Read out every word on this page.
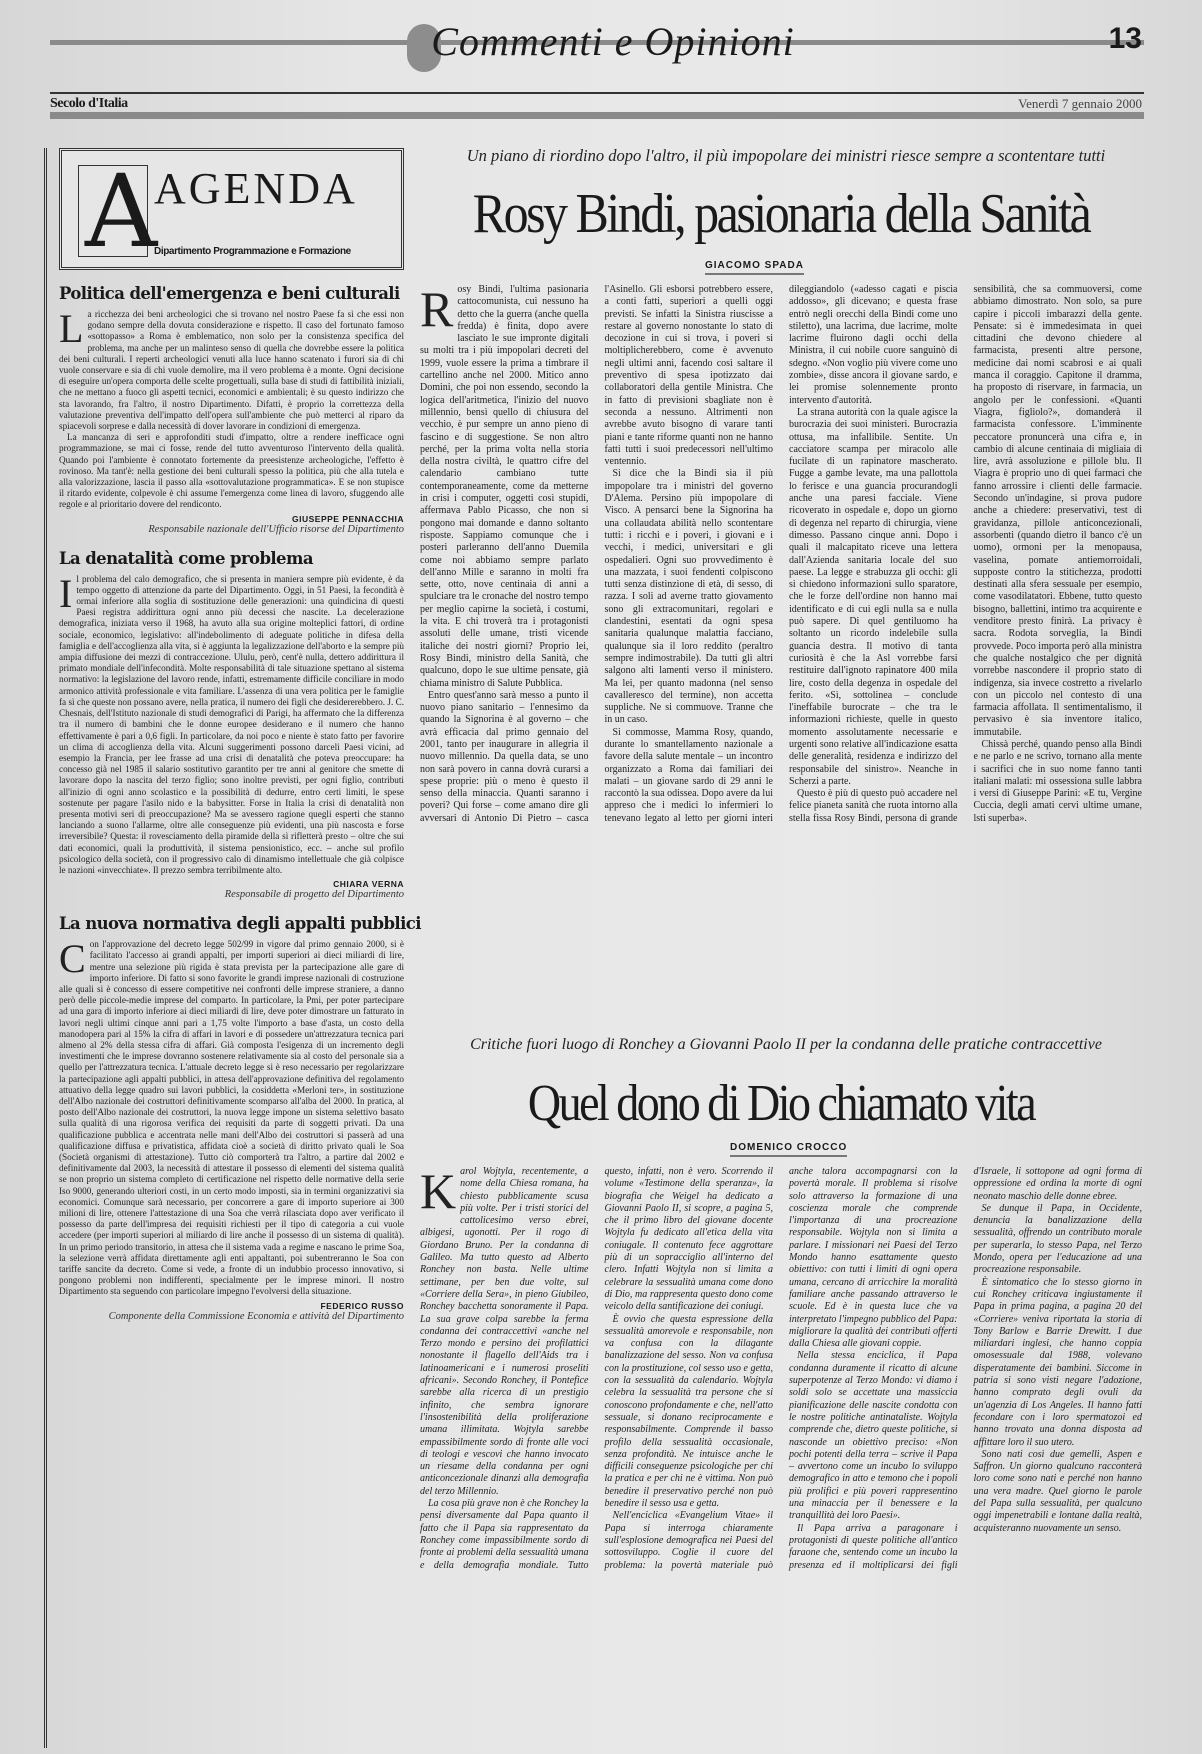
Commenti e Opinioni	13
Secolo d'Italia	Venerdì 7 gennaio 2000
A
AGENDA
Dipartimento Programmazione e Formazione
Politica dell'emergenza e beni culturali
L a ricchezza dei beni archeologici che si trovano nel nostro Paese fa sì che essi non godano sempre della dovuta considerazione e rispetto. Il caso del fortunato famoso «sottopasso» a Roma è emblematico, non solo per la consistenza specifica del problema, ma anche per un malinteso senso di quella che dovrebbe essere la politica dei beni culturali. I reperti archeologici venuti alla luce hanno scatenato i furori sia di chi vuole conservare e sia di chi vuole demolire, ma il vero problema è a monte. Ogni decisione di eseguire un'opera comporta delle scelte progettuali, sulla base di studi di fattibilità iniziali, che ne mettano a fuoco gli aspetti tecnici, economici e ambientali; è su questo indirizzo che sta lavorando, fra l'altro, il nostro Dipartimento. Difatti, è proprio la correttezza della valutazione preventiva dell'impatto dell'opera sull'ambiente che può metterci al riparo da spiacevoli sorprese e dalla necessità di dover lavorare in condizioni di emergenza.

La mancanza di seri e approfonditi studi d'impatto, oltre a rendere inefficace ogni programmazione, se mai ci fosse, rende del tutto avventuroso l'intervento della qualità. Quando poi l'ambiente è connotato fortemente da preesistenze archeologiche, l'effetto è rovinoso. Ma tant'è: nella gestione dei beni culturali spesso la politica, più che alla tutela e alla valorizzazione, lascia il passo alla «sottovalutazione programmatica». E se non stupisce il ritardo evidente, colpevole è chi assume l'emergenza come linea di lavoro, sfuggendo alle regole e al prioritario dovere del rendiconto.

GIUSEPPE PENNACCHIA
Responsabile nazionale dell'Ufficio risorse del Dipartimento
La denatalità come problema
I l problema del calo demografico, che si presenta in maniera sempre più evidente, è da tempo oggetto di attenzione da parte del Dipartimento. Oggi, in 51 Paesi, la fecondità è ormai inferiore alla soglia di sostituzione delle generazioni: una quindicina di questi Paesi registra addirittura ogni anno più decessi che nascite. La decelerazione demografica, iniziata verso il 1968, ha avuto alla sua origine molteplici fattori, di ordine sociale, economico, legislativo: all'indebolimento di adeguate politiche in difesa della famiglia e dell'accoglienza alla vita, si è aggiunta la legalizzazione dell'aborto e la sempre più ampia diffusione dei mezzi di contraccezione. Ululu, però, cent'è nulla, dettero addirittura il primato mondiale dell'infecondità. Molte responsabilità di tale situazione spettano al sistema normativo: la legislazione del lavoro rende, infatti, estremamente difficile conciliare in modo armonico attività professionale e vita familiare. L'assenza di una vera politica per le famiglie fa sì che queste non possano avere, nella pratica, il numero dei figli che desidererebbero. J. C. Chesnais, dell'Istituto nazionale di studi demografici di Parigi, ha affermato che la differenza tra il numero di bambini che le donne europee desiderano e il numero che hanno effettivamente è pari a 0,6 figli. In particolare, da noi poco e niente è stato fatto per favorire un clima di accoglienza della vita. Alcuni suggerimenti possono darceli Paesi vicini, ad esempio la Francia, per lee frasse ad una crisi di denatalità che poteva preoccupare: ha concesso già nel 1985 il salario sostitutivo garantito per tre anni al genitore che smette di lavorare dopo la nascita del terzo figlio; sono inoltre previsti, per ogni figlio, contributi all'inizio di ogni anno scolastico e la possibilità di dedurre, entro certi limiti, le spese sostenute per pagare l'asilo nido e la babysitter. Forse in Italia la crisi di denatalità non presenta motivi seri di preoccupazione? Ma se avessero ragione quegli esperti che stanno lanciando a suono l'allarme, oltre alle conseguenze più evidenti, una più nascosta e forse irreversibile? Questa: il rovesciamento della piramide della sì rifletterà presto – oltre che sui dati economici, quali la produttività, il sistema pensionistico, ecc. – anche sul profilo psicologico della società, con il progressivo calo di dinamismo intellettuale che già colpisce le nazioni «invecchiate». Il prezzo sembra terribilmente alto.

CHIARA VERNA
Responsabile di progetto del Dipartimento
La nuova normativa degli appalti pubblici
C on l'approvazione del decreto legge 502/99 in vigore dal primo gennaio 2000, si è facilitato l'accesso ai grandi appalti, per importi superiori ai dieci miliardi di lire, mentre una selezione più rigida è stata prevista per la partecipazione alle gare di importo inferiore. Di fatto si sono favorite le grandi imprese nazionali di costruzione alle quali si è concesso di essere competitive nei confronti delle imprese straniere, a danno però delle piccole-medie imprese del comparto. In particolare, la Pmi, per poter partecipare ad una gara di importo inferiore ai dieci miliardi di lire, deve poter dimostrare un fatturato in lavori negli ultimi cinque anni pari a 1,75 volte l'importo a base d'asta, un costo della manodopera pari al 15% la cifra di affari in lavori e di possedere un'attrezzatura tecnica pari almeno al 2% della stessa cifra di affari. Già composta l'esigenza di un incremento degli investimenti che le imprese dovranno sostenere relativamente sia al costo del personale sia a quello per l'attrezzatura tecnica. L'attuale decreto legge si è reso necessario per regolarizzare la partecipazione agli appalti pubblici, in attesa dell'approvazione definitiva del regolamento attuativo della legge quadro sui lavori pubblici, la cosiddetta «Merloni ter», in sostituzione dell'Albo nazionale dei costruttori definitivamente scomparso all'alba del 2000. In pratica, al posto dell'Albo nazionale dei costruttori, la nuova legge impone un sistema selettivo basato sulla qualità di una rigorosa verifica dei requisiti da parte di soggetti privati. Da una qualificazione pubblica e accentrata nelle mani dell'Albo dei costruttori si passerà ad una qualificazione diffusa e privatistica, affidata cioè a società di diritto privato quali le Soa (Società organismi di attestazione). Tutto ciò comporterà tra l'altro, a partire dal 2002 e definitivamente dal 2003, la necessità di attestare il possesso di elementi del sistema qualità se non proprio un sistema completo di certificazione nel rispetto delle normative della serie Iso 9000, generando ulteriori costi, in un certo modo imposti, sia in termini organizzativi sia economici. Comunque sarà necessario, per concorrere a gare di importo superiore ai 300 milioni di lire, ottenere l'attestazione di una Soa che verrà rilasciata dopo aver verificato il possesso da parte dell'impresa dei requisiti richiesti per il tipo di categoria a cui vuole accedere (per importi superiori al miliardo di lire anche il possesso di un sistema di qualità). In un primo periodo transitorio, in attesa che il sistema vada a regime e nascano le prime Soa, la selezione verrà affidata direttamente agli enti appaltanti, poi subentreranno le Soa con tariffe sancite da decreto. Come si vede, a fronte di un indubbio processo innovativo, si pongono problemi non indifferenti, specialmente per le imprese minori. Il nostro Dipartimento sta seguendo con particolare impegno l'evolversi della situazione.

FEDERICO RUSSO
Componente della Commissione Economia e attività del Dipartimento
Un piano di riordino dopo l'altro, il più impopolare dei ministri riesce sempre a scontentare tutti
Rosy Bindi, pasionaria della Sanità
GIACOMO SPADA
R osy Bindi, l'ultima pasionaria cattocomunista, cui nessuno ha detto che la guerra (anche quella fredda) è finita, dopo avere lasciato le sue impronte digitali su molti tra i più impopolari decreti del 1999, vuole essere la prima a timbrare il cartellino anche nel 2000. Mitico anno Domini, che poi non essendo, secondo la logica dell'aritmetica, l'inizio del nuovo millennio, bensì quello di chiusura del vecchio, è pur sempre un anno pieno di fascino e di suggestione. Se non altro perché, per la prima volta nella storia della nostra civiltà, le quattro cifre del calendario cambiano tutte contemporaneamente, come da metterne in crisi i computer, oggetti così stupidi, affermava Pablo Picasso, che non si pongono mai domande e danno soltanto risposte. Sappiamo comunque che i posteri parleranno dell'anno Duemila come noi abbiamo sempre parlato dell'anno Mille e saranno in molti fra sette, otto, nove centinaia di anni a spulciare tra le cronache del nostro tempo per meglio capirne la società, i costumi, la vita. E chi troverà tra i protagonisti assoluti delle umane, tristi vicende italiche dei nostri giorni? Proprio lei, Rosy Bindi, ministro della Sanità, che qualcuno, dopo le sue ultime pensate, già chiama ministro di Salute Pubblica.

Entro quest'anno sarà messo a punto il nuovo piano sanitario – l'ennesimo da quando la Signorina è al governo – che avrà efficacia dal primo gennaio del 2001, tanto per inaugurare in allegria il nuovo millennio. Da quella data, se uno non sarà povero in canna dovrà curarsi a spese proprie: più o meno è questo il senso della minaccia. Quanti saranno i poveri? Qui forse – come amano dire gli avversari di Antonio Di Pietro – casca l'Asinello. Gli esborsi potrebbero essere, a conti fatti, superiori a quelli oggi previsti. Se infatti la Sinistra riuscisse a restare al governo nonostante lo stato di decozione in cui si trova, i poveri si moltiplicherebbero, come è avvenuto negli ultimi anni, facendo così saltare il preventivo di spesa ipotizzato dai collaboratori della gentile Ministra. Che in fatto di previsioni sbagliate non è seconda a nessuno. Altrimenti non avrebbe avuto bisogno di varare tanti piani e tante riforme quanti non ne hanno fatti tutti i suoi predecessori nell'ultimo ventennio.

Si dice che la Bindi sia il più impopolare tra i ministri del governo D'Alema. Persino più impopolare di Visco. A pensarci bene la Signorina ha una collaudata abilità nello scontentare tutti: i ricchi e i poveri, i giovani e i vecchi, i medici, universitari e gli ospedalieri. Ogni suo provvedimento è una mazzata, i suoi fendenti colpiscono tutti senza distinzione di età, di sesso, di razza. I soli ad averne tratto giovamento sono gli extracomunitari, regolari e clandestini, esentati da ogni spesa sanitaria qualunque malattia facciano, qualunque sia il loro reddito (peraltro sempre indimostrabile). Da tutti gli altri salgono alti lamenti verso il ministero. Ma lei, per quanto madonna (nel senso cavalleresco del termine), non accetta suppliche. Ne si commuove. Tranne che in un caso.

Si commosse, Mamma Rosy, quando, durante lo smantellamento nazionale a favore della salute mentale – un incontro organizzato a Roma dai familiari dei malati – un giovane sardo di 29 anni le raccontò la sua odissea. Dopo avere da lui appreso che i medici lo infermieri lo tenevano legato al letto per giorni interi dileggiandolo («adesso cagati e piscia addosso», gli dicevano; e questa frase entrò negli orecchi della Bindi come uno stiletto), una lacrima, due lacrime, molte lacrime fluirono dagli occhi della Ministra, il cui nobile cuore sanguinò di sdegno. «Non voglio più vivere come uno zombie», disse ancora il giovane sardo, e lei promise solennemente pronto intervento d'autorità.

La strana autorità con la quale agisce la burocrazia dei suoi ministeri. Burocrazia ottusa, ma infallibile. Sentite. Un cacciatore scampa per miracolo alle fucilate di un rapinatore mascherato. Fugge a gambe levate, ma una pallottola lo ferisce e una guancia procurandogli anche una paresi facciale. Viene ricoverato in ospedale e, dopo un giorno di degenza nel reparto di chirurgia, viene dimesso. Passano cinque anni. Dopo i quali il malcapitato riceve una lettera dall'Azienda sanitaria locale del suo paese. La legge e strabuzza gli occhi: gli si chiedono informazioni sullo sparatore, che le forze dell'ordine non hanno mai identificato e di cui egli nulla sa e nulla può sapere. Di quel gentiluomo ha soltanto un ricordo indelebile sulla guancia destra. Il motivo di tanta curiosità è che la Asl vorrebbe farsi restituire dall'ignoto rapinatore 400 mila lire, costo della degenza in ospedale del ferito. «Sì, sottolinea – conclude l'ineffabile burocrate – che tra le informazioni richieste, quelle in questo momento assolutamente necessarie e urgenti sono relative all'indicazione esatta delle generalità, residenza e indirizzo del responsabile del sinistro». Neanche in Scherzi a parte.

Questo è più di questo può accadere nel felice pianeta sanità che ruota intorno alla stella fissa Rosy Bindi, persona di grande sensibilità, che sa commuoversi, come abbiamo dimostrato. Non solo, sa pure capire i piccoli imbarazzi della gente. Pensate: si è immedesimata in quei cittadini che devono chiedere al farmacista, presenti altre persone, medicine dai nomi scabrosi e ai quali manca il coraggio. Capitone il dramma, ha proposto di riservare, in farmacia, un angolo per le confessioni. «Quanti Viagra, figliolo?», domanderà il farmacista confessore. L'imminente peccatore pronuncerà una cifra e, in cambio di alcune centinaia di migliaia di lire, avrà assoluzione e pillole blu. Il Viagra è proprio uno di quei farmaci che fanno arrossire i clienti delle farmacie. Secondo un'indagine, si prova pudore anche a chiedere: preservativi, test di gravidanza, pillole anticoncezionali, assorbenti (quando dietro il banco c'è un uomo), ormoni per la menopausa, vaselina, pomate antiemorroidali, supposte contro la stitichezza, prodotti destinati alla sfera sessuale per esempio, come vasodilatatori. Ebbene, tutto questo bisogno, ballettini, intimo tra acquirente e venditore presto finirà. La privacy è sacra. Rodota sorveglia, la Bindi provvede. Poco importa però alla ministra che qualche nostalgico che per dignità vorrebbe nascondere il proprio stato di indigenza, sia invece costretto a rivelarlo con un piccolo nel contesto di una farmacia affollata. Il sentimentalismo, il pervasivo è sia inventore italico, immutabile.

Chissà perché, quando penso alla Bindi e ne parlo e ne scrivo, tornano alla mente i sacrifici che in suo nome fanno tanti italiani malati: mi ossessiona sulle labbra i versi di Giuseppe Parini: «E tu, Vergine Cuccia, degli amati cervi ultime umane, lsti superba».

Critiche fuori luogo di Ronchey a Giovanni Paolo II per la condanna delle pratiche contraccettive
Quel dono di Dio chiamato vita
DOMENICO CROCCO
K arol Wojtyla, recentemente, a nome della Chiesa romana, ha chiesto pubblicamente scusa più volte. Per i tristi storici del cattolicesimo verso ebrei, albigesi, ugonotti. Per il rogo di Giordano Bruno. Per la condanna di Galileo. Ma tutto questo ad Alberto Ronchey non basta. Nelle ultime settimane, per ben due volte, sul «Corriere della Sera», in pieno Giubileo, Ronchey bacchetta sonoramente il Papa. La sua grave colpa sarebbe la ferma condanna dei contraccettivi «anche nel Terzo mondo e persino dei profilattici nonostante il flagello dell'Aids tra i latinoamericani e i numerosi proseliti africani». Secondo Ronchey, il Pontefice sarebbe alla ricerca di un prestigio infinito, che sembra ignorare l'insostenibilità della proliferazione umana illimitata. Wojtyla sarebbe empassibilmente sordo di fronte alle voci di teologi e vescovi che hanno invocato un riesame della condanna per ogni anticoncezionale dinanzi alla demografia del terzo Millennio.

La cosa più grave non è che Ronchey la pensi diversamente dal Papa quanto il fatto che il Papa sia rappresentato da Ronchey come impassibilmente sordo di fronte ai problemi della sessualità umana e della demografia mondiale. Tutto questo, infatti, non è vero. Scorrendo il volume «Testimone della speranza», la biografia che Weigel ha dedicato a Giovanni Paolo II, si scopre, a pagina 5, che il primo libro del giovane docente Wojtyla fu dedicato all'etica della vita coniugale. Il contenuto fece aggrottare più di un sopracciglio all'interno del clero. Infatti Wojtyla non si limita a celebrare la sessualità umana come dono di Dio, ma rappresenta questo dono come veicolo della santificazione dei coniugi.

È ovvio che questa espressione della sessualità amorevole e responsabile, non va confusa con la dilagante banalizzazione del sesso. Non va confusa con la prostituzione, col sesso uso e getta, con la sessualità da calendario. Wojtyla celebra la sessualità tra persone che si conoscono profondamente e che, nell'atto sessuale, si donano reciprocamente e responsabilmente. Comprende il basso profilo della sessualità occasionale, senza profondità. Ne intuisce anche le difficili conseguenze psicologiche per chi la pratica e per chi ne è vittima. Non può benedire il preservativo perché non può benedire il sesso usa e getta.

Nell'enciclica «Evangelium Vitae» il Papa si interroga chiaramente sull'esplosione demografica nei Paesi del sottosviluppo. Coglie il cuore del problema: la povertà materiale può anche talora accompagnarsi con la povertà morale. Il problema si risolve solo attraverso la formazione di una coscienza morale che comprende l'importanza di una procreazione responsabile. Wojtyla non si limita a parlare. I missionari nei Paesi del Terzo Mondo hanno esattamente questo obiettivo: con tutti i limiti di ogni opera umana, cercano di arricchire la moralità familiare anche passando attraverso le scuole. Ed è in questa luce che va interpretato l'impegno pubblico del Papa: migliorare la qualità dei contributi offerti dalla Chiesa alle giovani coppie.

Nella stessa enciclica, il Papa condanna duramente il ricatto di alcune superpotenze al Terzo Mondo: vi diamo i soldi solo se accettate una massiccia pianificazione delle nascite condotta con le nostre politiche antinataliste. Wojtyla comprende che, dietro queste politiche, si nasconde un obiettivo preciso: «Non pochi potenti della terra – scrive il Papa – avvertono come un incubo lo sviluppo demografico in atto e temono che i popoli più prolifici e più poveri rappresentino una minaccia per il benessere e la tranquillità dei loro Paesi».

Il Papa arriva a paragonare i protagonisti di queste politiche all'antico faraone che, sentendo come un incubo la presenza ed il moltiplicarsi dei figli d'Israele, li sottopone ad ogni forma di oppressione ed ordina la morte di ogni neonato maschio delle donne ebree.

Se dunque il Papa, in Occidente, denuncia la banalizzazione della sessualità, offrendo un contributo morale per superarla, lo stesso Papa, nel Terzo Mondo, opera per l'educazione ad una procreazione responsabile.

È sintomatico che lo stesso giorno in cui Ronchey criticava ingiustamente il Papa in prima pagina, a pagina 20 del «Corriere» veniva riportata la storia di Tony Barlow e Barrie Drewitt. I due miliardari inglesi, che hanno coppia omosessuale dal 1988, volevano disperatamente dei bambini. Siccome in patria si sono visti negare l'adozione, hanno comprato degli ovuli da un'agenzia di Los Angeles. Il hanno fatti fecondare con i loro spermatozoi ed hanno trovato una donna disposta ad affittare loro il suo utero.

Sono nati così due gemelli, Aspen e Saffron. Un giorno qualcuno racconterà loro come sono nati e perché non hanno una vera madre. Quel giorno le parole del Papa sulla sessualità, per qualcuno oggi impenetrabili e lontane dalla realtà, acquisteranno nuovamente un senso.
